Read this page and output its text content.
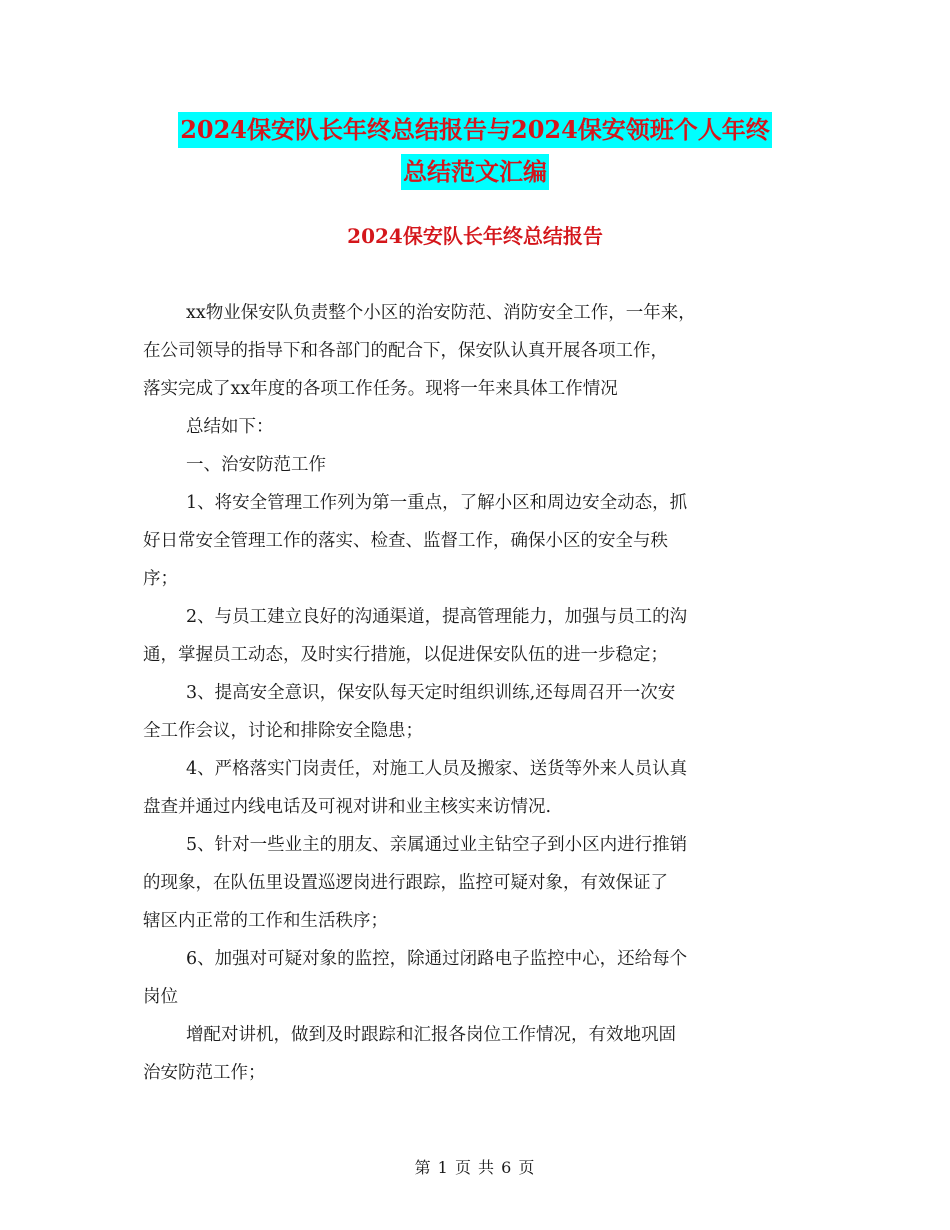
2024保安队长年终总结报告与2024保安领班个人年终
总结范文汇编
2024保安队长年终总结报告
xx物业保安队负责整个小区的治安防范、消防安全工作，一年来，
在公司领导的指导下和各部门的配合下，保安队认真开展各项工作，
落实完成了xx年度的各项工作任务。现将一年来具体工作情况
总结如下：
一、治安防范工作
1、将安全管理工作列为第一重点，了解小区和周边安全动态，抓
好日常安全管理工作的落实、检查、监督工作，确保小区的安全与秩
序；
2、与员工建立良好的沟通渠道，提高管理能力，加强与员工的沟
通，掌握员工动态，及时实行措施，以促进保安队伍的进一步稳定；
3、提高安全意识，保安队每天定时组织训练,还每周召开一次安
全工作会议，讨论和排除安全隐患；
4、严格落实门岗责任，对施工人员及搬家、送货等外来人员认真
盘查并通过内线电话及可视对讲和业主核实来访情况.
5、针对一些业主的朋友、亲属通过业主钻空子到小区内进行推销
的现象，在队伍里设置巡逻岗进行跟踪，监控可疑对象，有效保证了
辖区内正常的工作和生活秩序；
6、加强对可疑对象的监控，除通过闭路电子监控中心，还给每个
岗位
增配对讲机，做到及时跟踪和汇报各岗位工作情况，有效地巩固
治安防范工作；
第 1 页 共 6 页
